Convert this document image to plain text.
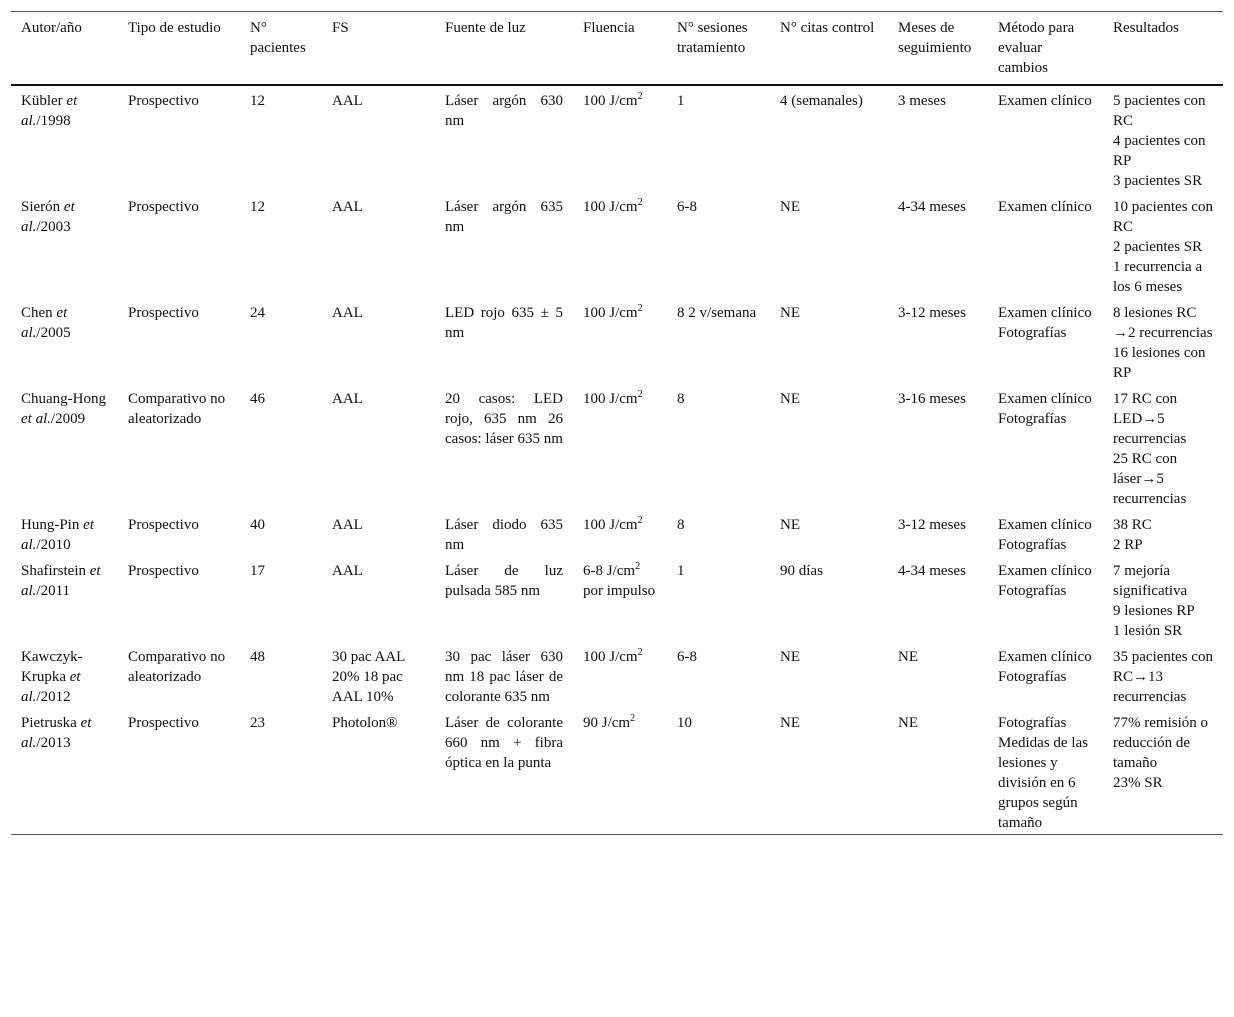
Autor/año	Tipo de estudio	N° pacientes	FS	Fuente de luz	Fluencia	N° sesiones tratamiento	N° citas control	Meses de seguimiento	Método para evaluar cambios	Resultados
Kübler et al./1998	Prospectivo	12	AAL	Láser argón 630 nm	100 $J/cm^2$	1	4 (semanales)	3 meses	Examen clínico	5 pacientes con RC
4 pacientes con RP
3 pacientes SR

Sierón et al./2003	Prospectivo	12	AAL	Láser argón 635 nm	100 $J/cm^2$	6-8	NE	4-34 meses	Examen clínico	10 pacientes con RC
2 pacientes SR
1 recurrencia a los 6 meses

Chen et al./2005	Prospectivo	24	AAL	LED rojo 635 ± 5 nm	100 $J/cm^2$	8 2 v/semana	NE	3-12 meses	Examen clínico Fotografías	8 lesiones RC →2 recurrencias
16 lesiones con RP

Chuang-Hong et al./2009	Comparativo no aleatorizado	46	AAL	20 casos: LED rojo, 635 nm 26 casos: láser 635 nm	100 $J/cm^2$	8	NE	3-16 meses	Examen clínico Fotografías	17 RC con LED→5 recurrencias
25 RC con láser→5 recurrencias

Hung-Pin et al./2010	Prospectivo	40	AAL	Láser diodo 635 nm	100 $J/cm^2$	8	NE	3-12 meses	Examen clínico Fotografías	38 RC
2 RP

Shafirstein et al./2011	Prospectivo	17	AAL	Láser de luz pulsada 585 nm	6-8 $J/cm^2$ por impulso	1	90 días	4-34 meses	Examen clínico Fotografías	7 mejoría significativa
9 lesiones RP
1 lesión SR

Kawczyk-Krupka et al./2012	Comparativo no aleatorizado	48	30 pac AAL 20% 18 pac AAL 10%	30 pac láser 630 nm 18 pac láser de colorante 635 nm	100 $J/cm^2$	6-8	NE	NE	Examen clínico Fotografías	35 pacientes con RC→13 recurrencias

Pietruska et al./2013	Prospectivo	23	Photolon®	Láser de colorante 660 nm + fibra óptica en la punta	90 $J/cm^2$	10	NE	NE	Fotografías Medidas de las lesiones y división en 6 grupos según tamaño	77% remisión o reducción de tamaño
23% SR
